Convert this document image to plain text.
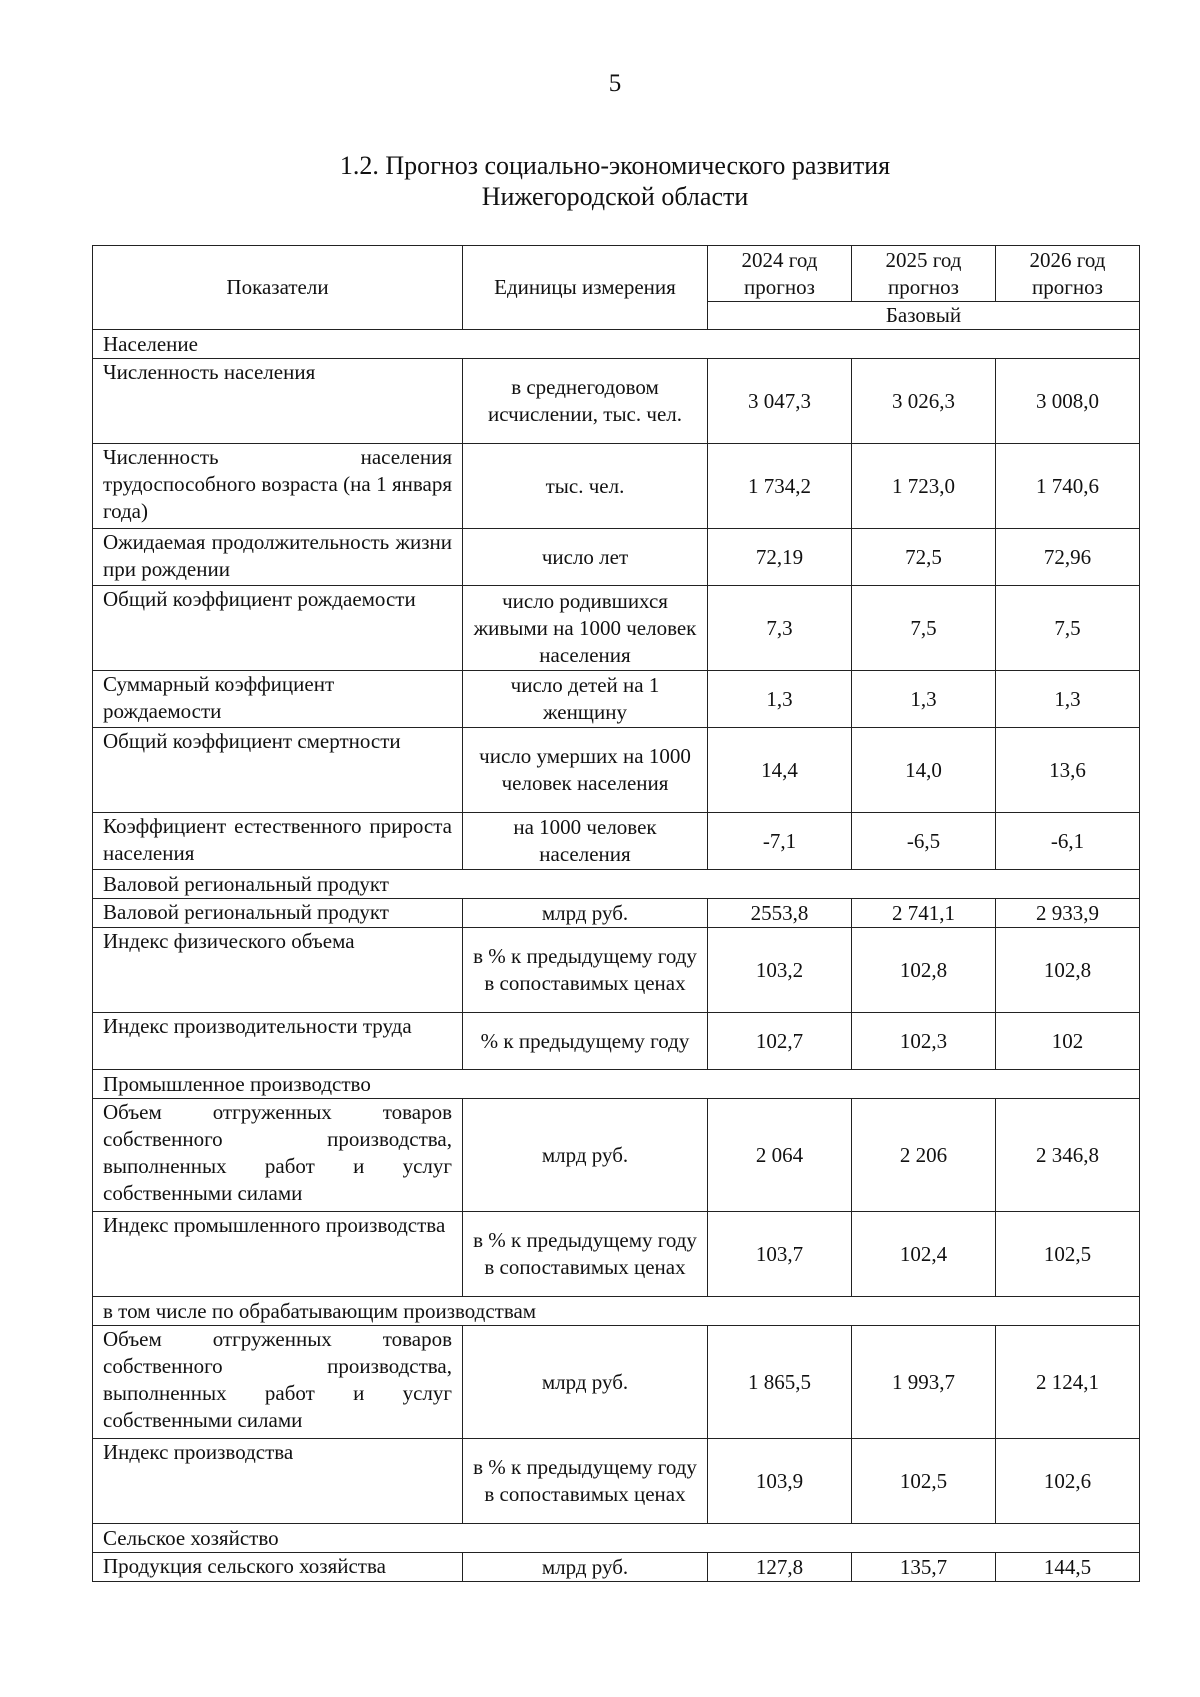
5
1.2. Прогноз социально-экономического развития
Нижегородской области
Показатели	Единицы измерения	2024 год прогноз	2025 год прогноз	2026 год прогноз
		Базовый		
Население				
Численность населения	в среднегодовом исчислении, тыс. чел.	3 047,3	3 026,3	3 008,0
Численность населения трудоспособного возраста (на 1 января года)	тыс. чел.	1 734,2	1 723,0	1 740,6
Ожидаемая продолжительность жизни при рождении	число лет	72,19	72,5	72,96
Общий коэффициент рождаемости	число родившихся живыми на 1000 человек населения	7,3	7,5	7,5
Суммарный коэффициент рождаемости	число детей на 1 женщину	1,3	1,3	1,3
Общий коэффициент смертности	число умерших на 1000 человек населения	14,4	14,0	13,6
Коэффициент естественного прироста населения	на 1000 человек населения	-7,1	-6,5	-6,1
Валовой региональный продукт				
Валовой региональный продукт	млрд руб.	2553,8	2 741,1	2 933,9
Индекс физического объема	в % к предыдущему году в сопоставимых ценах	103,2	102,8	102,8
Индекс производительности труда	% к предыдущему году	102,7	102,3	102
Промышленное производство				
Объем отгруженных товаров собственного производства, выполненных работ и услуг собственными силами	млрд руб.	2 064	2 206	2 346,8
Индекс промышленного производства	в % к предыдущему году в сопоставимых ценах	103,7	102,4	102,5
в том числе по обрабатывающим производствам				
Объем отгруженных товаров собственного производства, выполненных работ и услуг собственными силами	млрд руб.	1 865,5	1 993,7	2 124,1
Индекс производства	в % к предыдущему году в сопоставимых ценах	103,9	102,5	102,6
Сельское хозяйство				
Продукция сельского хозяйства	млрд руб.	127,8	135,7	144,5
